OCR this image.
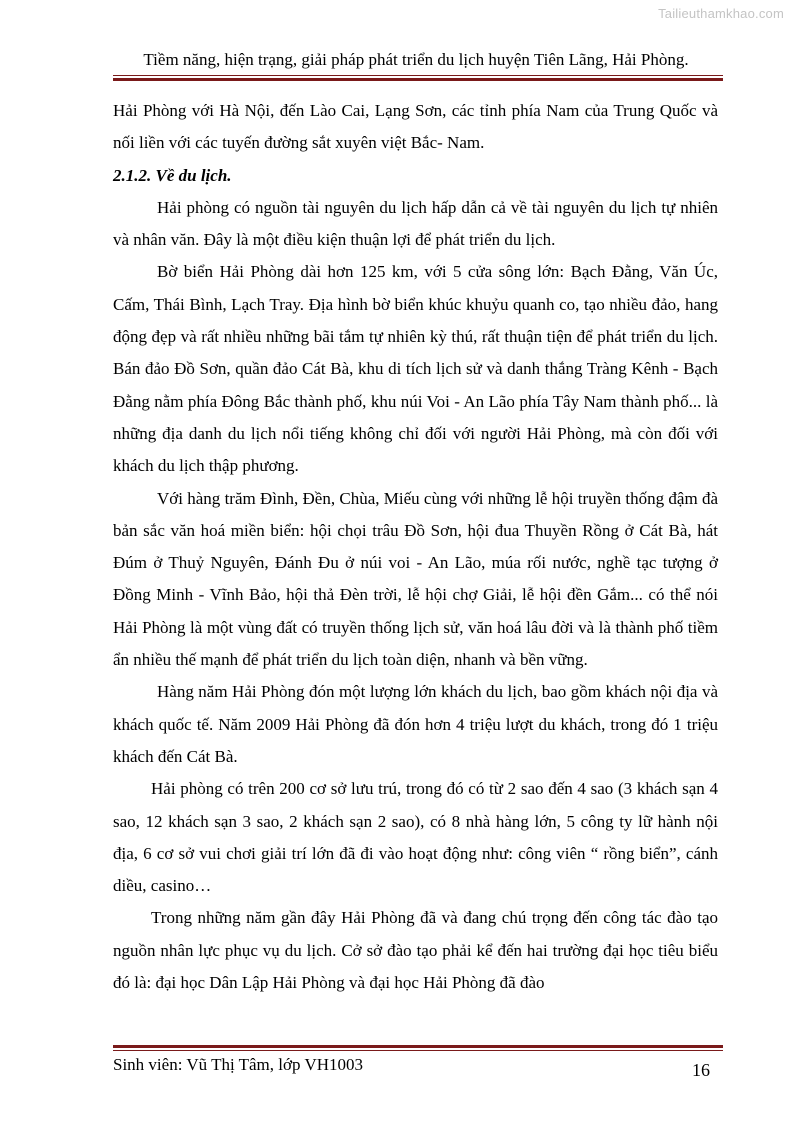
Tailieuthamkhao.com
Tiềm năng, hiện trạng, giải pháp phát triển du lịch huyện Tiên Lãng, Hải Phòng.

Hải Phòng với Hà Nội, đến Lào Cai, Lạng Sơn, các tỉnh phía Nam của Trung Quốc và nối liền với các tuyến đường sắt xuyên việt Bắc- Nam.

2.1.2. Về du lịch.

Hải phòng có nguồn tài nguyên du lịch hấp dẫn cả về tài nguyên du lịch tự nhiên và nhân văn. Đây là một điều kiện thuận lợi để phát triển du lịch.

Bờ biển Hải Phòng dài hơn 125 km, với 5 cửa sông lớn: Bạch Đằng, Văn Úc, Cấm, Thái Bình, Lạch Tray. Địa hình bờ biển khúc khuỷu quanh co, tạo nhiều đảo, hang động đẹp và rất nhiều những bãi tắm tự nhiên kỳ thú, rất thuận tiện để phát triển du lịch. Bán đảo Đồ Sơn, quần đảo Cát Bà, khu di tích lịch sử và danh thắng Tràng Kênh - Bạch Đằng nằm phía Đông Bắc thành phố, khu núi Voi - An Lão phía Tây Nam thành phố... là những địa danh du lịch nổi tiếng không chỉ đối với người Hải Phòng, mà còn đối với khách du lịch thập phương.

Với hàng trăm Đình, Đền, Chùa, Miếu cùng với những lễ hội truyền thống đậm đà bản sắc văn hoá miền biển: hội chọi trâu Đồ Sơn, hội đua Thuyền Rồng ở Cát Bà, hát Đúm ở Thuỷ Nguyên, Đánh Đu ở núi voi - An Lão, múa rối nước, nghề tạc tượng ở Đồng Minh - Vĩnh Bảo, hội thả Đèn trời, lễ hội chợ Giải, lễ hội đền Gắm... có thể nói Hải Phòng là một vùng đất có truyền thống lịch sử, văn hoá lâu đời và là thành phố tiềm ẩn nhiều thế mạnh để phát triển du lịch toàn diện, nhanh và bền vững.

Hàng năm Hải Phòng đón một lượng lớn khách du lịch, bao gồm khách nội địa và khách quốc tế. Năm 2009 Hải Phòng đã đón hơn 4 triệu lượt du khách, trong đó 1 triệu khách đến Cát Bà.

Hải phòng có trên 200 cơ sở lưu trú, trong đó có từ 2 sao đến 4 sao (3 khách sạn 4 sao, 12 khách sạn 3 sao, 2 khách sạn 2 sao), có 8 nhà hàng lớn, 5 công ty lữ hành nội địa, 6 cơ sở vui chơi giải trí lớn đã đi vào hoạt động như: công viên “ rồng biển”, cánh diều, casino…

Trong những năm gần đây Hải Phòng đã và đang chú trọng đến công tác đào tạo nguồn nhân lực phục vụ du lịch. Cở sở đào tạo phải kể đến hai trường đại học tiêu biểu đó là: đại học Dân Lập Hải Phòng và đại học Hải Phòng đã đào

Sinh viên: Vũ Thị Tâm, lớp VH1003	16
